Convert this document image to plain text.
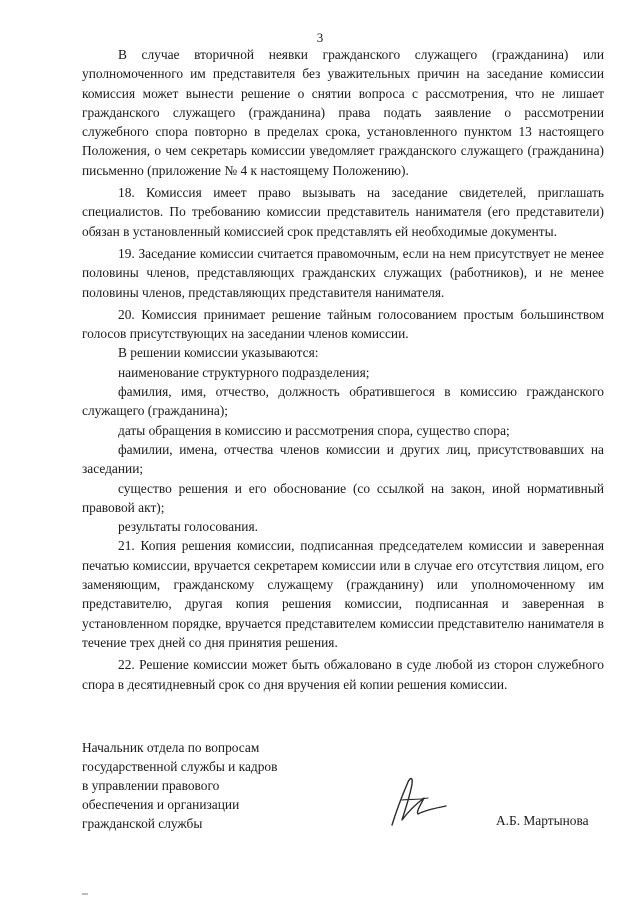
3

В случае вторичной неявки гражданского служащего (гражданина) или уполномоченного им представителя без уважительных причин на заседание комиссии комиссия может вынести решение о снятии вопроса с рассмотрения, что не лишает гражданского служащего (гражданина) права подать заявление о рассмотрении служебного спора повторно в пределах срока, установленного пунктом 13 настоящего Положения, о чем секретарь комиссии уведомляет гражданского служащего (гражданина) письменно (приложение № 4 к настоящему Положению).

18. Комиссия имеет право вызывать на заседание свидетелей, приглашать специалистов. По требованию комиссии представитель нанимателя (его представители) обязан в установленный комиссией срок представлять ей необходимые документы.

19. Заседание комиссии считается правомочным, если на нем присутствует не менее половины членов, представляющих гражданских служащих (работников), и не менее половины членов, представляющих представителя нанимателя.

20. Комиссия принимает решение тайным голосованием простым большинством голосов присутствующих на заседании членов комиссии.

В решении комиссии указываются:

наименование структурного подразделения;

фамилия, имя, отчество, должность обратившегося в комиссию гражданского служащего (гражданина);

даты обращения в комиссию и рассмотрения спора, существо спора;

фамилии, имена, отчества членов комиссии и других лиц, присутствовавших на заседании;

существо решения и его обоснование (со ссылкой на закон, иной нормативный правовой акт);

результаты голосования.

21. Копия решения комиссии, подписанная председателем комиссии и заверенная печатью комиссии, вручается секретарем комиссии или в случае его отсутствия лицом, его заменяющим, гражданскому служащему (гражданину) или уполномоченному им представителю, другая копия решения комиссии, подписанная и заверенная в установленном порядке, вручается представителем комиссии представителю нанимателя в течение трех дней со дня принятия решения.

22. Решение комиссии может быть обжаловано в суде любой из сторон служебного спора в десятидневный срок со дня вручения ей копии решения комиссии.

Начальник отдела по вопросам
государственной службы и кадров
в управлении правового
обеспечения и организации
гражданской службы	А.Б. Мартынова
